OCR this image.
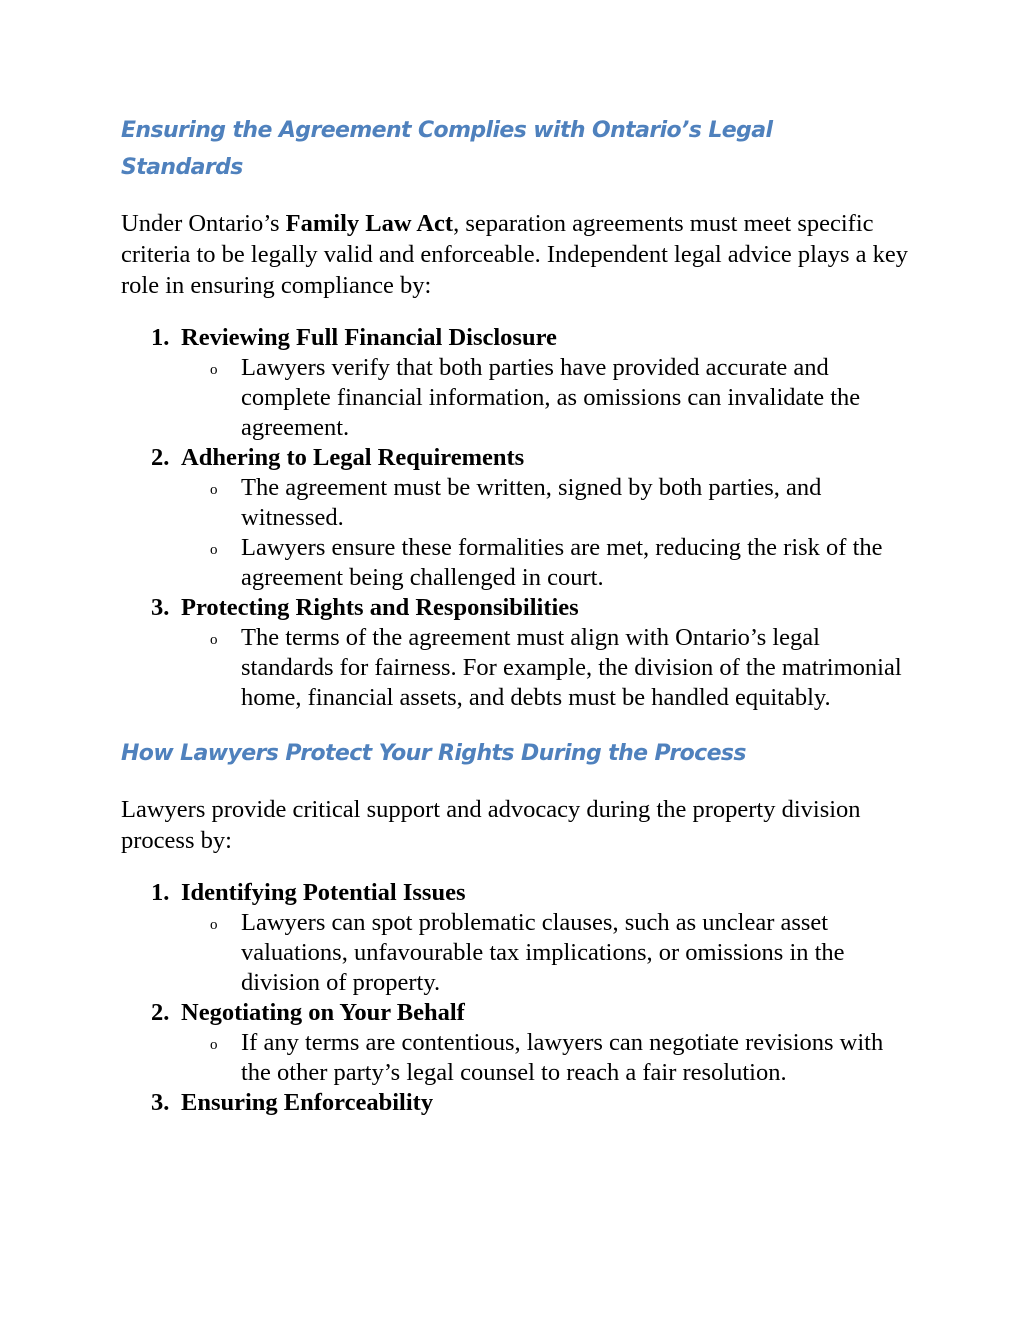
Ensuring the Agreement Complies with Ontario’s Legal Standards

Under Ontario’s Family Law Act, separation agreements must meet specific criteria to be legally valid and enforceable. Independent legal advice plays a key role in ensuring compliance by:

1. Reviewing Full Financial Disclosure
o Lawyers verify that both parties have provided accurate and complete financial information, as omissions can invalidate the agreement.
2. Adhering to Legal Requirements
o The agreement must be written, signed by both parties, and witnessed.
o Lawyers ensure these formalities are met, reducing the risk of the agreement being challenged in court.
3. Protecting Rights and Responsibilities
o The terms of the agreement must align with Ontario’s legal standards for fairness. For example, the division of the matrimonial home, financial assets, and debts must be handled equitably.
How Lawyers Protect Your Rights During the Process

Lawyers provide critical support and advocacy during the property division process by:

1. Identifying Potential Issues
o Lawyers can spot problematic clauses, such as unclear asset valuations, unfavourable tax implications, or omissions in the division of property.
2. Negotiating on Your Behalf
o If any terms are contentious, lawyers can negotiate revisions with the other party’s legal counsel to reach a fair resolution.
3. Ensuring Enforceability
